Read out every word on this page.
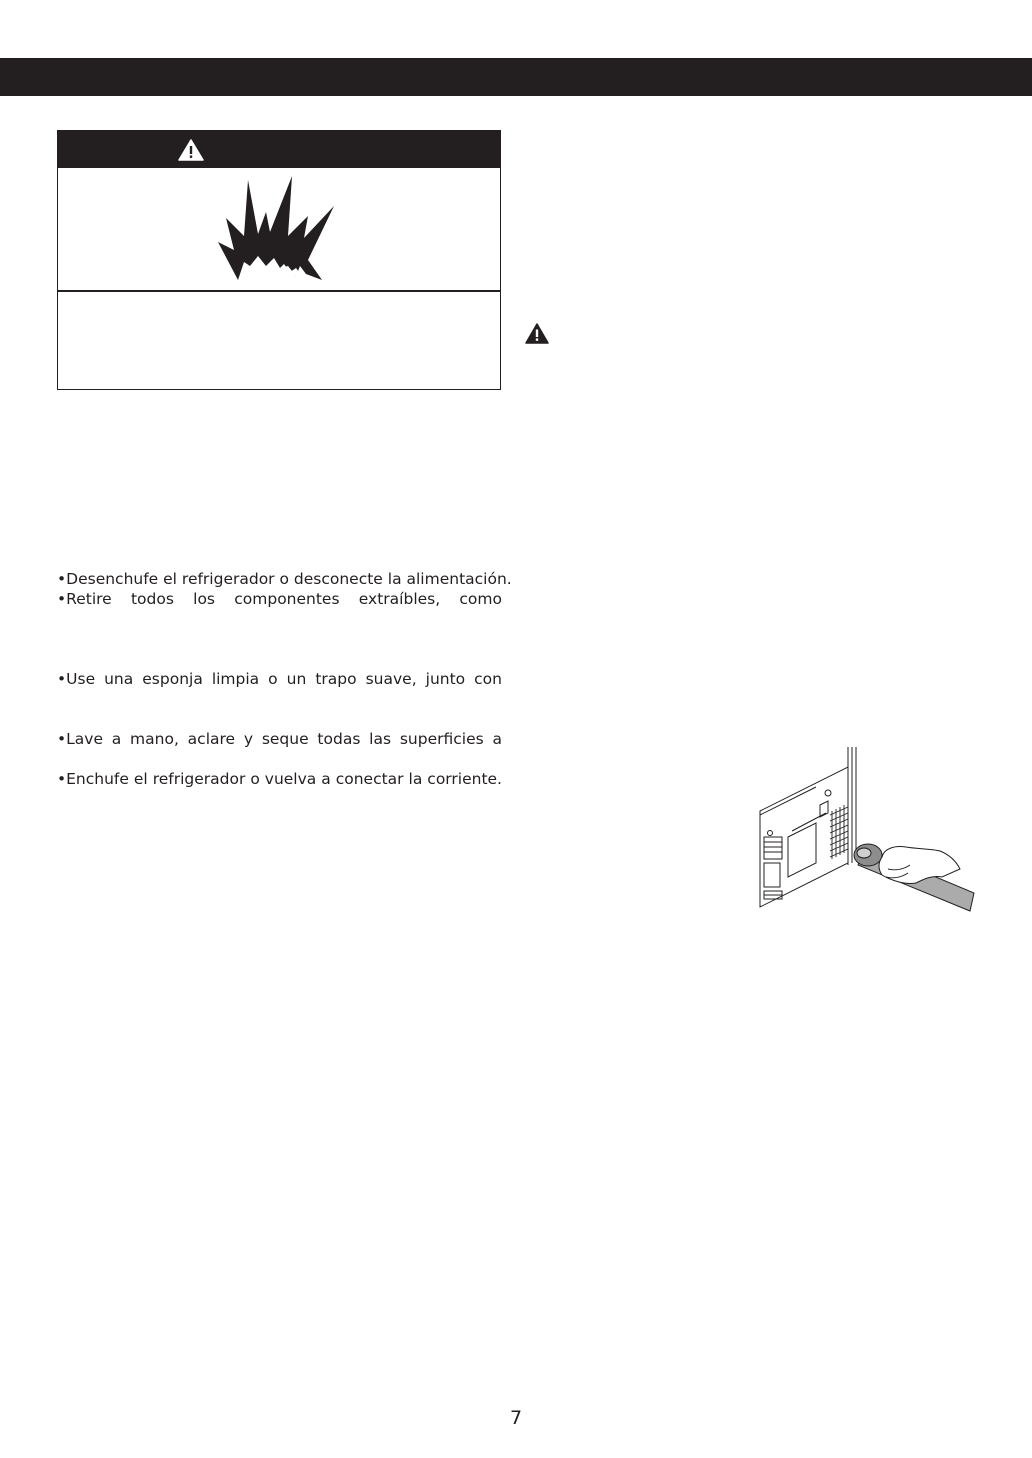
•Desenchufe el refrigerador o desconecte la alimentación.
•Retire todos los componentes extraíbles, como
•Use una esponja limpia o un trapo suave, junto con
•Lave a mano, aclare y seque todas las superficies a
•Enchufe el refrigerador o vuelva a conectar la corriente.
7
